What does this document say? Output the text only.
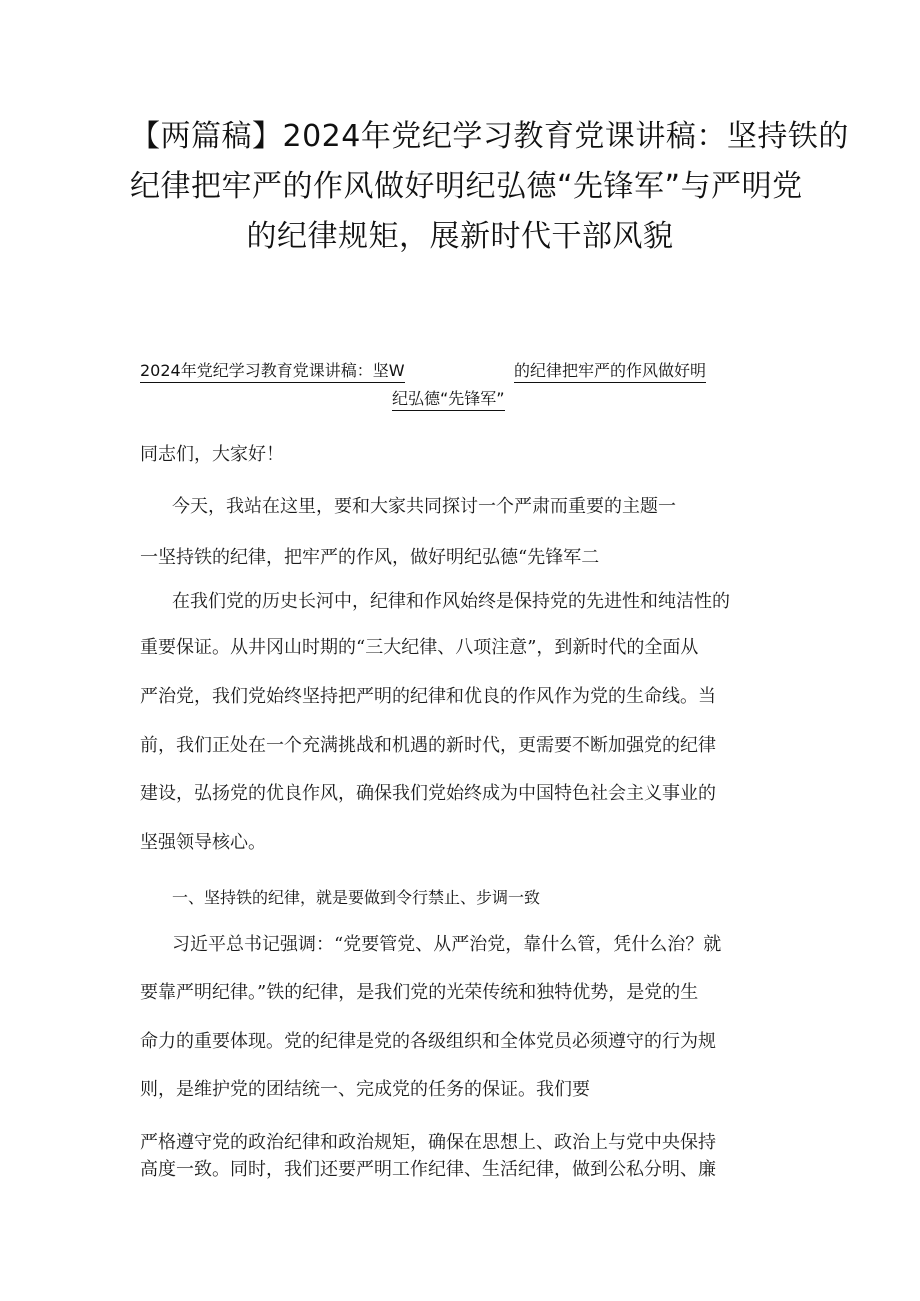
【两篇稿】2024年党纪学习教育党课讲稿：坚持铁的
纪律把牢严的作风做好明纪弘德“先锋军”与严明党
的纪律规矩，展新时代干部风貌

2024年党纪学习教育党课讲稿：坚W	的纪律把牢严的作风做好明

纪弘德“先锋军”

同志们，大家好！

今天，我站在这里，要和大家共同探讨一个严肃而重要的主题一

一坚持铁的纪律，把牢严的作风，做好明纪弘德“先锋军二

在我们党的历史长河中，纪律和作风始终是保持党的先进性和纯洁性的

重要保证。从井冈山时期的“三大纪律、八项注意”，到新时代的全面从

严治党，我们党始终坚持把严明的纪律和优良的作风作为党的生命线。当

前，我们正处在一个充满挑战和机遇的新时代，更需要不断加强党的纪律

建设，弘扬党的优良作风，确保我们党始终成为中国特色社会主义事业的

坚强领导核心。

一、坚持铁的纪律，就是要做到令行禁止、步调一致

习近平总书记强调：“党要管党、从严治党，靠什么管，凭什么治？就

要靠严明纪律。”铁的纪律，是我们党的光荣传统和独特优势，是党的生

命力的重要体现。党的纪律是党的各级组织和全体党员必须遵守的行为规

则，是维护党的团结统一、完成党的任务的保证。我们要

严格遵守党的政治纪律和政治规矩，确保在思想上、政治上与党中央保持

高度一致。同时，我们还要严明工作纪律、生活纪律，做到公私分明、廉
